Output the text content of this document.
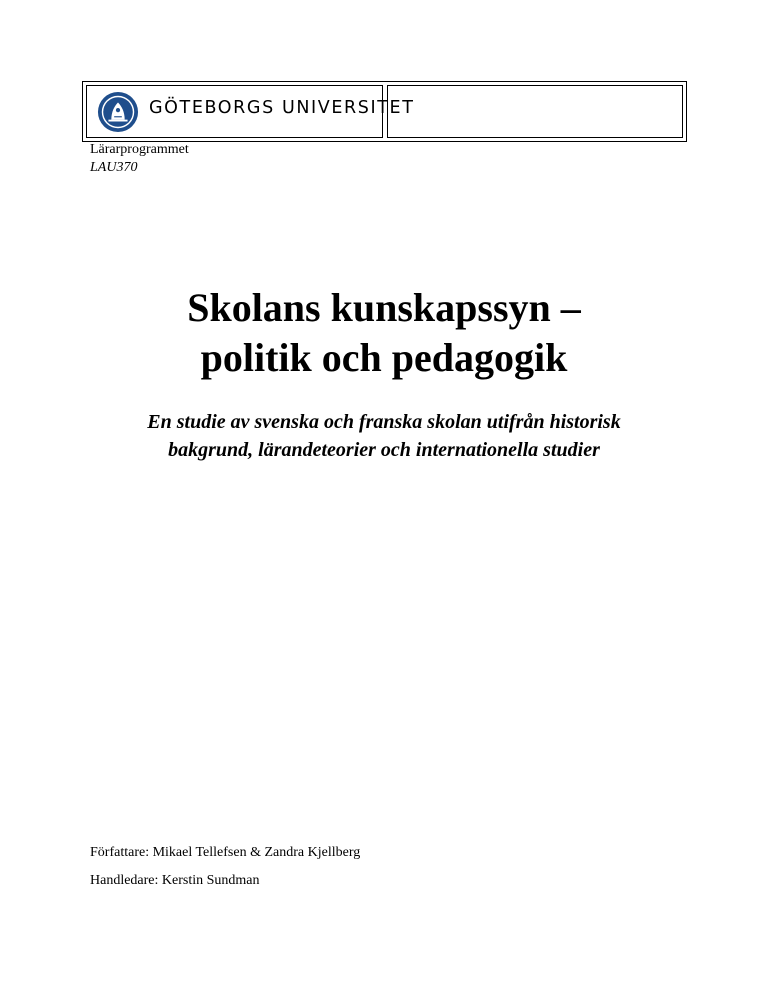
GÖTEBORGS UNIVERSITET
Lärarprogrammet
LAU370
Skolans kunskapssyn –
politik och pedagogik
En studie av svenska och franska skolan utifrån historisk
bakgrund, lärandeteorier och internationella studier
Författare: Mikael Tellefsen & Zandra Kjellberg
Handledare: Kerstin Sundman
